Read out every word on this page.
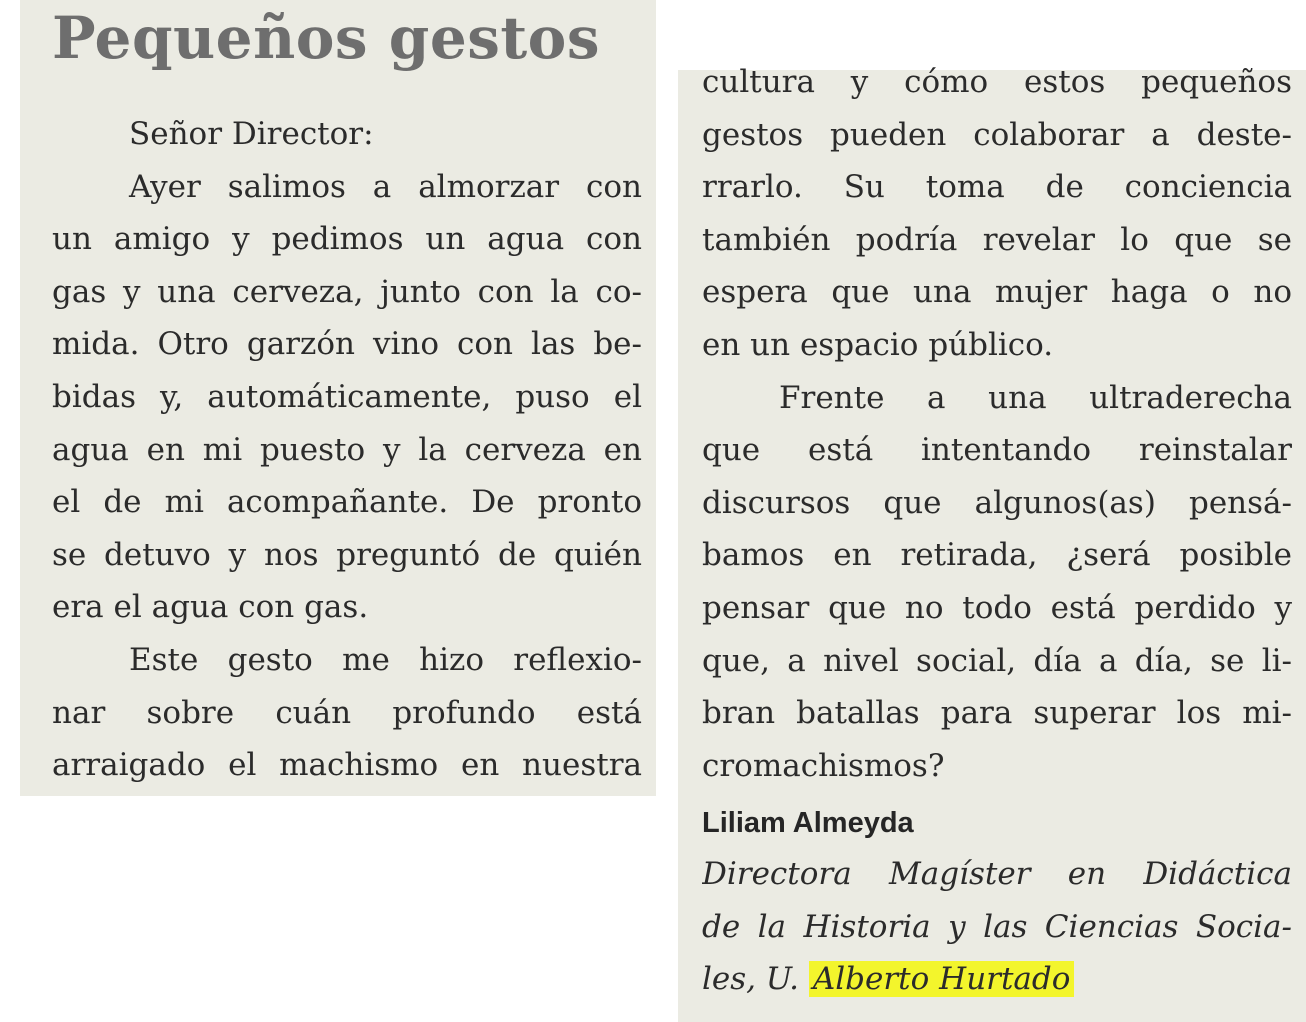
Pequeños gestos
Señor Director:
Ayer salimos a almorzar con
un amigo y pedimos un agua con
gas y una cerveza, junto con la co-
mida. Otro garzón vino con las be-
bidas y, automáticamente, puso el
agua en mi puesto y la cerveza en
el de mi acompañante. De pronto
se detuvo y nos preguntó de quién
era el agua con gas.
Este gesto me hizo reflexio-
nar sobre cuán profundo está
arraigado el machismo en nuestra
cultura y cómo estos pequeños
gestos pueden colaborar a deste-
rrarlo. Su toma de conciencia
también podría revelar lo que se
espera que una mujer haga o no
en un espacio público.
Frente a una ultraderecha
que está intentando reinstalar
discursos que algunos(as) pensá-
bamos en retirada, ¿será posible
pensar que no todo está perdido y
que, a nivel social, día a día, se li-
bran batallas para superar los mi-
cromachismos?
Liliam Almeyda
Directora Magíster en Didáctica
de la Historia y las Ciencias Socia-
les, U. Alberto Hurtado
